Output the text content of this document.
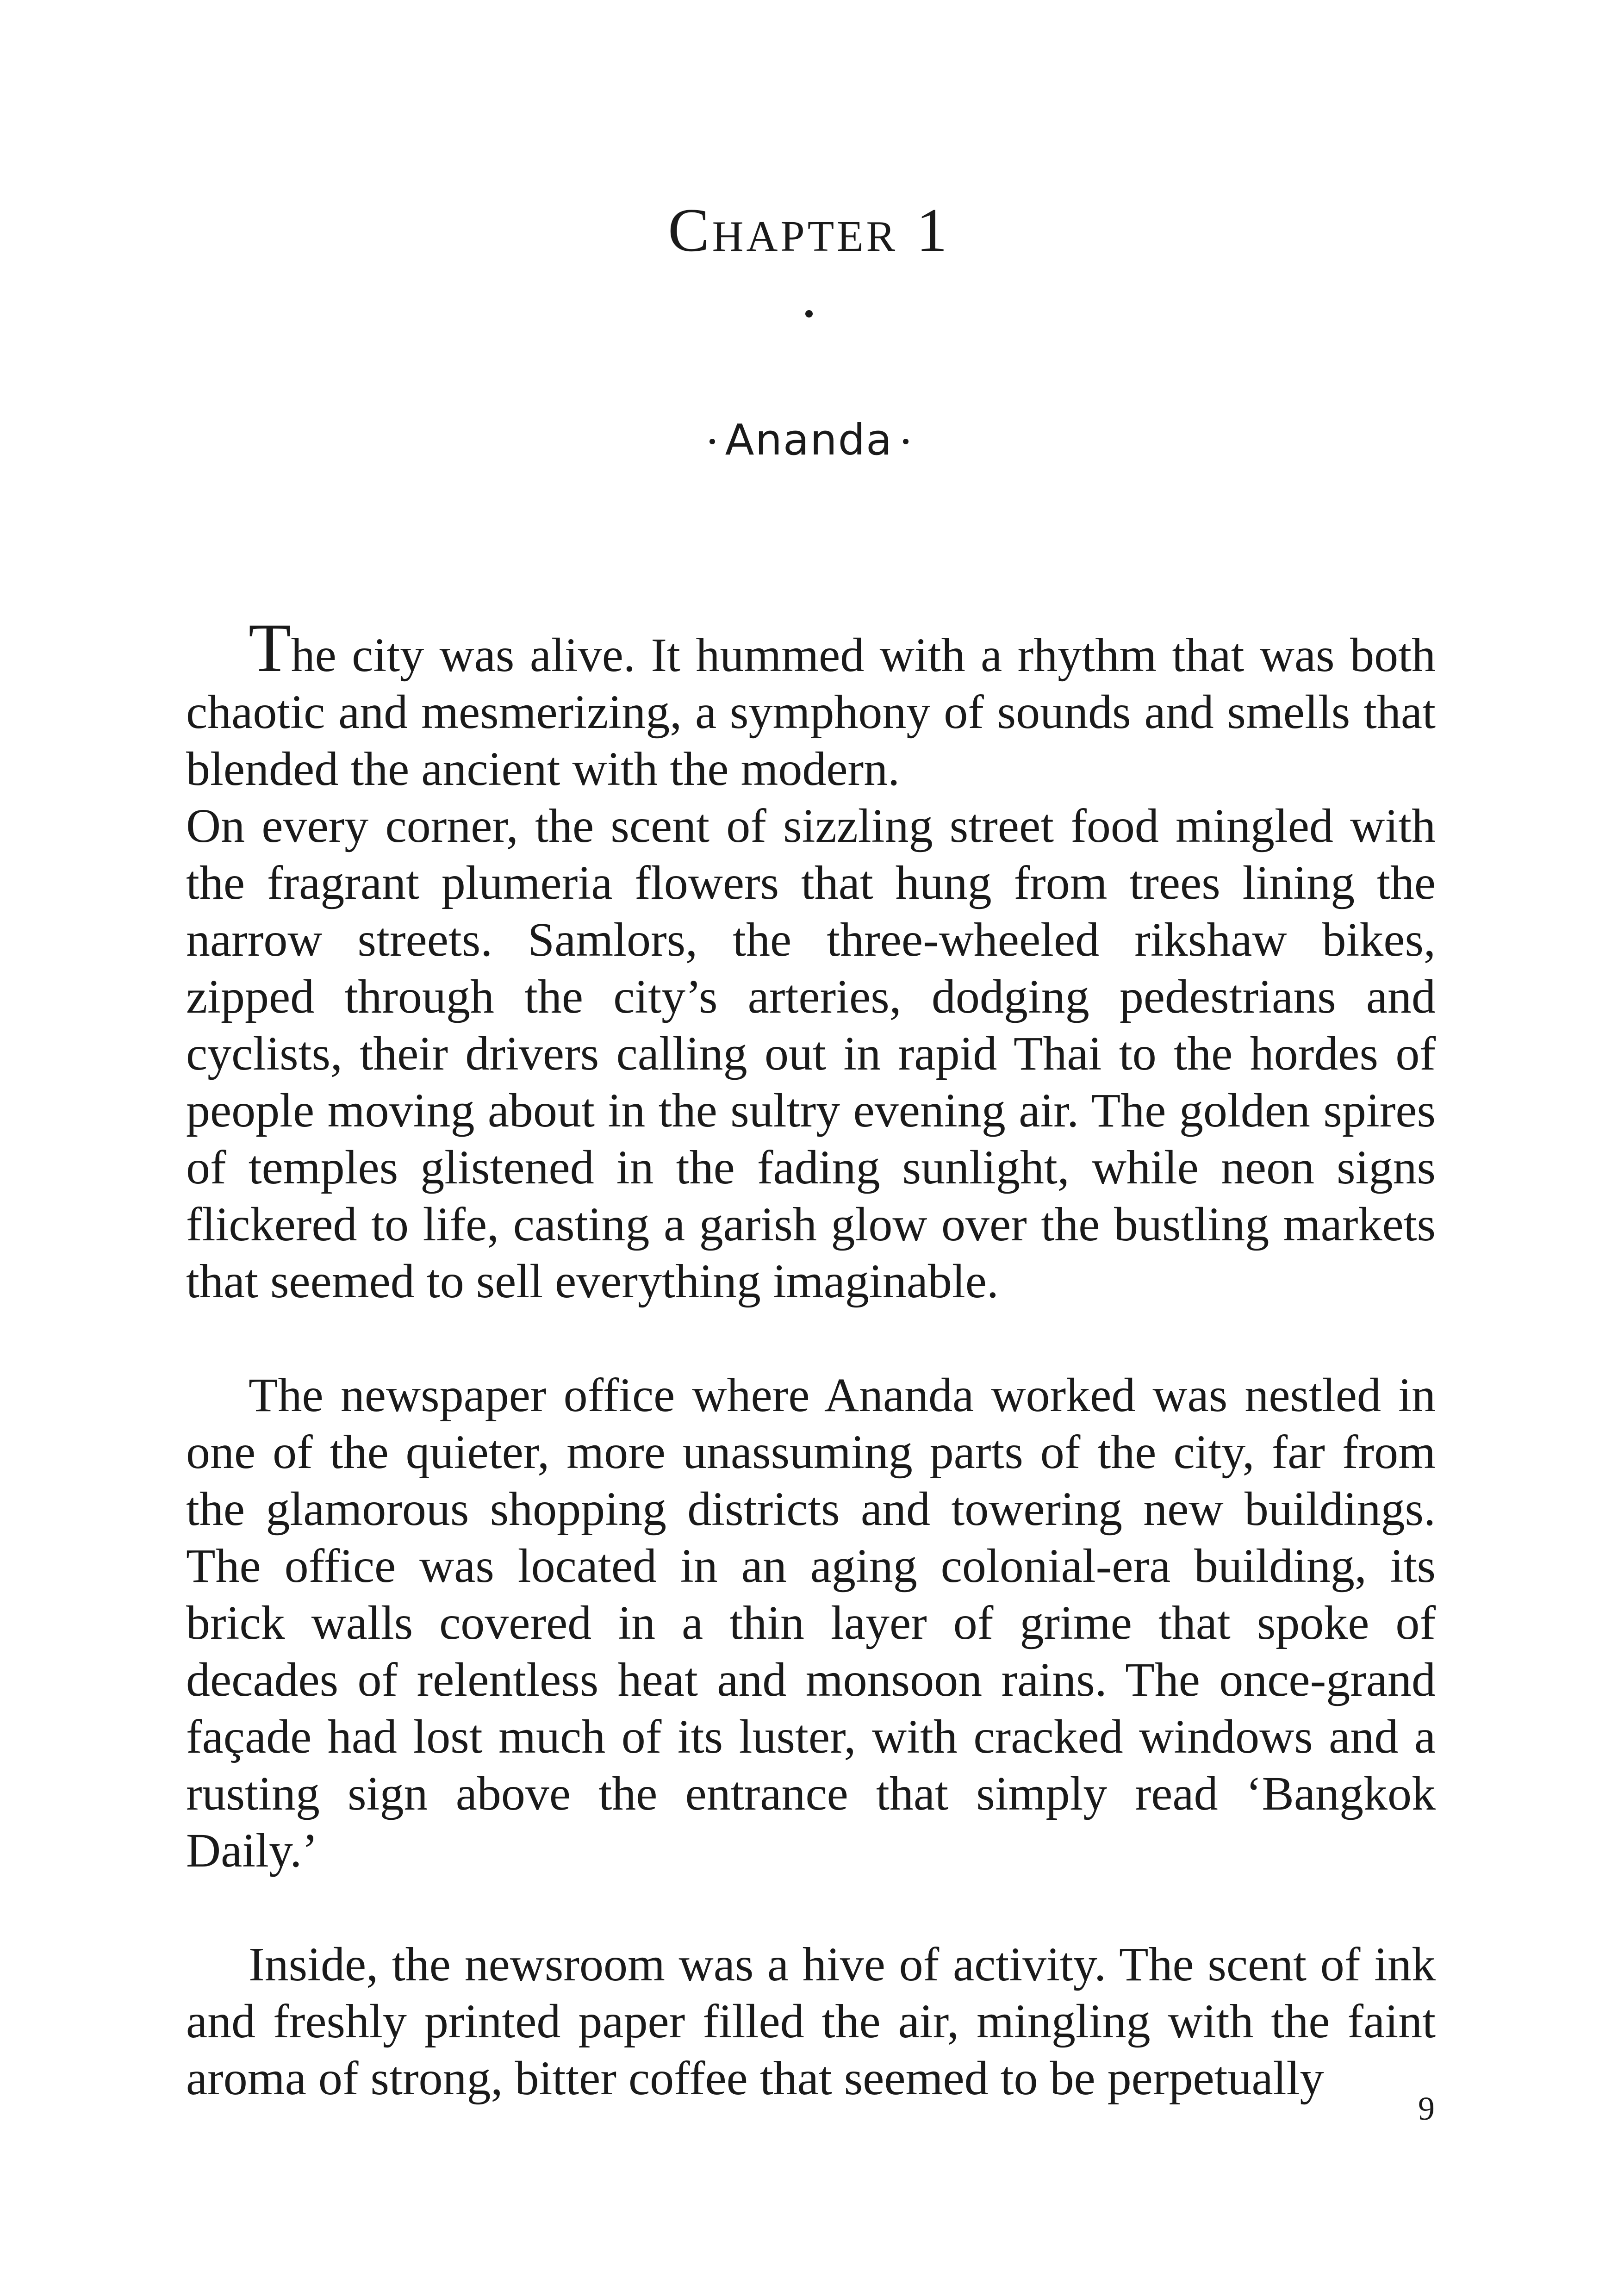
Chapter 1
Ananda

The city was alive. It hummed with a rhythm that was both chaotic and mesmerizing, a symphony of sounds and smells that blended the ancient with the modern.

On every corner, the scent of sizzling street food mingled with the fragrant plumeria flowers that hung from trees lining the narrow streets. Samlors, the three-wheeled rikshaw bikes, zipped through the city’s arteries, dodging pedestrians and cyclists, their drivers calling out in rapid Thai to the hordes of people moving about in the sultry evening air. The golden spires of temples glistened in the fading sunlight, while neon signs flickered to life, casting a garish glow over the bustling markets that seemed to sell everything imaginable.

The newspaper office where Ananda worked was nestled in one of the quieter, more unassuming parts of the city, far from the glamorous shopping districts and towering new buildings. The office was located in an aging colonial-era building, its brick walls covered in a thin layer of grime that spoke of decades of relentless heat and monsoon rains. The once-grand façade had lost much of its luster, with cracked windows and a rusting sign above the entrance that simply read ‘Bangkok Daily.’

Inside, the newsroom was a hive of activity. The scent of ink and freshly printed paper filled the air, mingling with the faint aroma of strong, bitter coffee that seemed to be perpetually

9
